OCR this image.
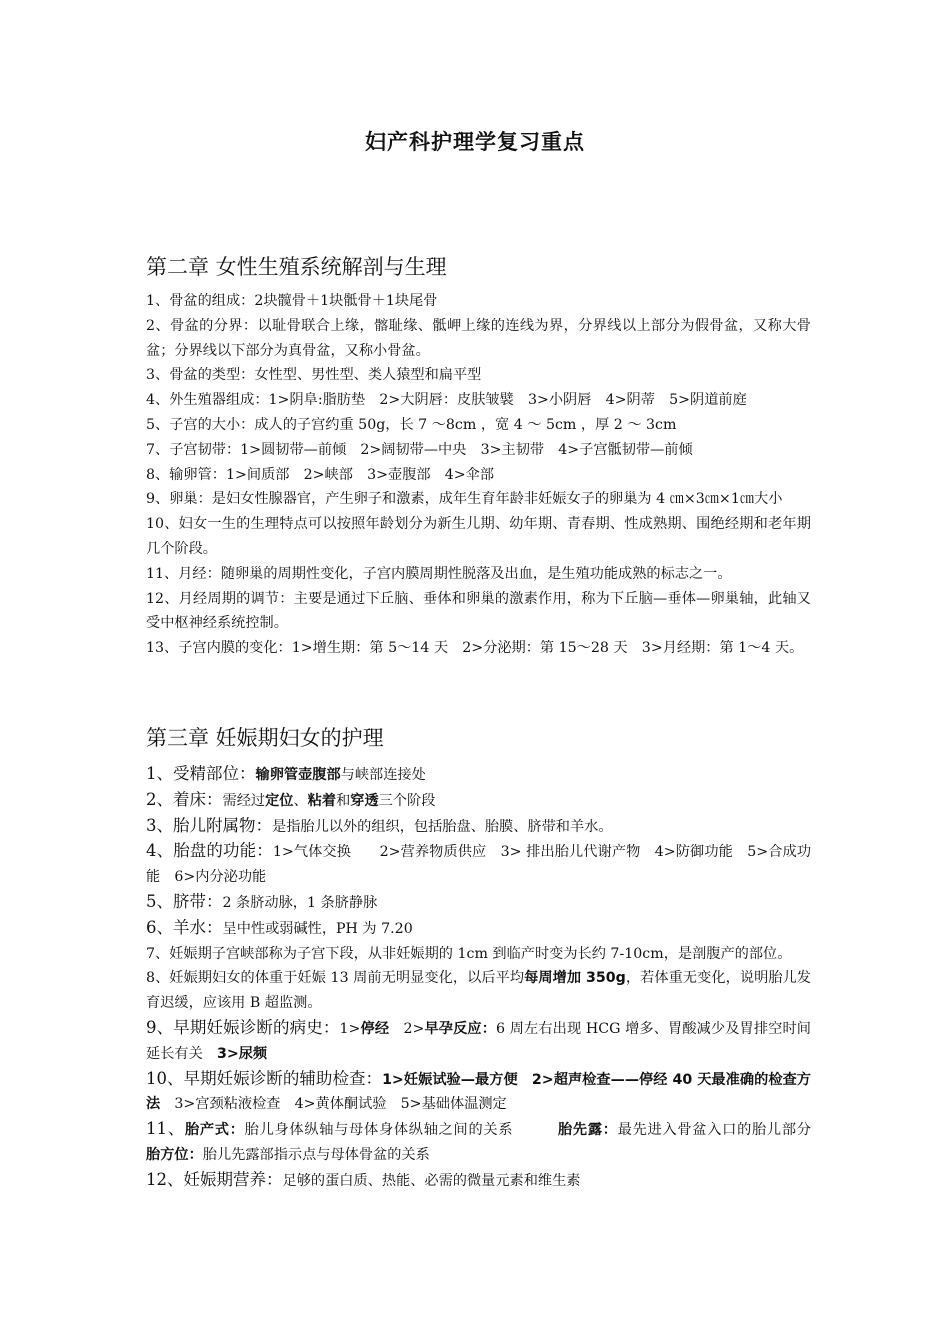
妇产科护理学复习重点
第二章 女性生殖系统解剖与生理

1、骨盆的组成：2块髋骨＋1块骶骨＋1块尾骨

2、骨盆的分界：以耻骨联合上缘，髂耻缘、骶岬上缘的连线为界，分界线以上部分为假骨盆，又称大骨盆；分界线以下部分为真骨盆，又称小骨盆。

3、骨盆的类型：女性型、男性型、类人猿型和扁平型

4、外生殖器组成：1>阴阜:脂肪垫　2>大阴唇：皮肤皱襞　3>小阴唇　4>阴蒂　5>阴道前庭

5、子宫的大小：成人的子宫约重 50g，长 7 ～8cm ，宽 4 ～ 5cm ，厚 2 ～ 3cm

7、子宫韧带：1>圆韧带—前倾　2>阔韧带—中央　3>主韧带　4>子宫骶韧带—前倾

8、输卵管：1>间质部　2>峡部　3>壶腹部　4>伞部

9、卵巢：是妇女性腺器官，产生卵子和激素，成年生育年龄非妊娠女子的卵巢为 4 ㎝×3㎝×1㎝大小

10、妇女一生的生理特点可以按照年龄划分为新生儿期、幼年期、青春期、性成熟期、围绝经期和老年期几个阶段。

11、月经：随卵巢的周期性变化，子宫内膜周期性脱落及出血，是生殖功能成熟的标志之一。

12、月经周期的调节：主要是通过下丘脑、垂体和卵巢的激素作用，称为下丘脑—垂体—卵巢轴，此轴又受中枢神经系统控制。

13、子宫内膜的变化：1>增生期：第 5～14 天　2>分泌期：第 15～28 天　3>月经期：第 1～4 天。

第三章 妊娠期妇女的护理

1、受精部位：输卵管壶腹部与峡部连接处

2、着床：需经过定位、粘着和穿透三个阶段

3、胎儿附属物：是指胎儿以外的组织，包括胎盘、胎膜、脐带和羊水。

4、胎盘的功能：1>气体交换　　2>营养物质供应　3> 排出胎儿代谢产物　4>防御功能　5>合成功能　6>内分泌功能

5、脐带：2 条脐动脉，1 条脐静脉

6、羊水：呈中性或弱碱性，PH 为 7.20

7、妊娠期子宫峡部称为子宫下段，从非妊娠期的 1cm 到临产时变为长约 7-10cm，是剖腹产的部位。

8、妊娠期妇女的体重于妊娠 13 周前无明显变化，以后平均每周增加 350g，若体重无变化，说明胎儿发育迟缓，应该用 B 超监测。

9、早期妊娠诊断的病史：1>停经　2>早孕反应：6 周左右出现 HCG 增多、胃酸减少及胃排空时间延长有关　3>尿频

10、早期妊娠诊断的辅助检查：1>妊娠试验—最方便　2>超声检查——停经 40 天最准确的检查方法　3>宫颈粘液检查　4>黄体酮试验　5>基础体温测定

11、胎产式：胎儿身体纵轴与母体身体纵轴之间的关系　　　胎先露：最先进入骨盆入口的胎儿部分　　胎方位：胎儿先露部指示点与母体骨盆的关系

12、妊娠期营养：足够的蛋白质、热能、必需的微量元素和维生素
